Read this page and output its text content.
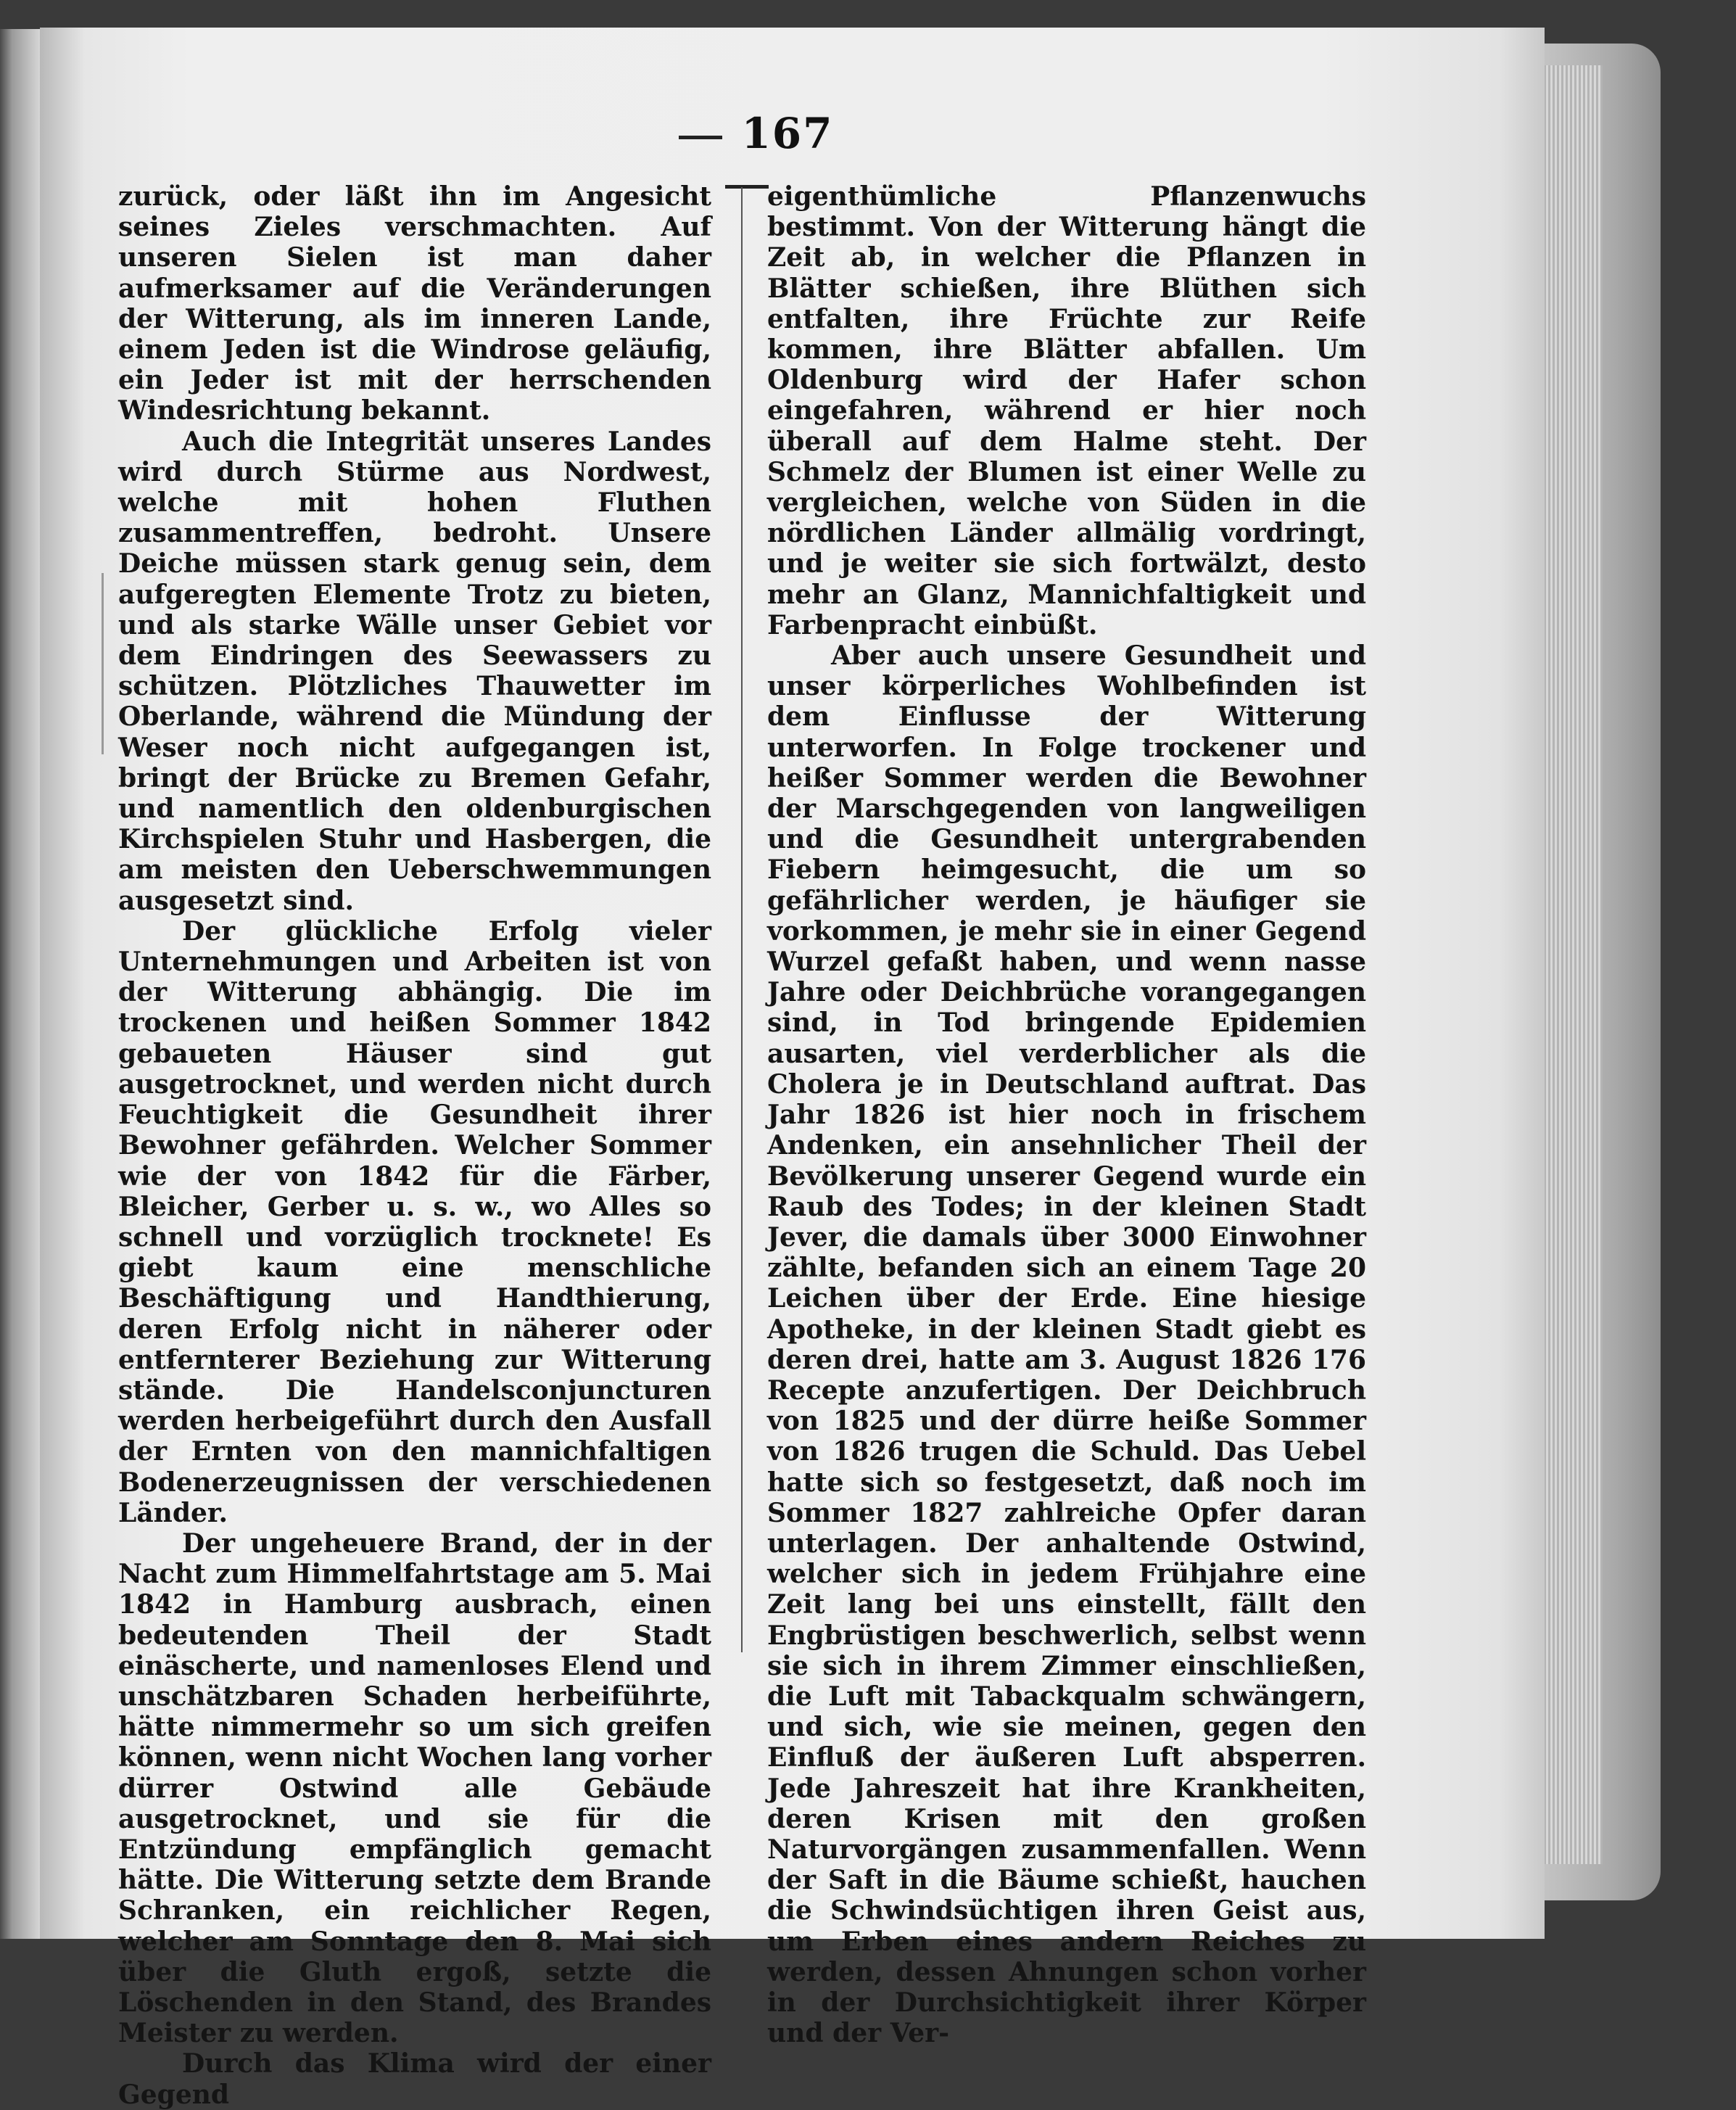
167

zurück, oder läßt ihn im Angesicht seines Zieles verschmachten. Auf unseren Sielen ist man daher aufmerksamer auf die Veränderungen der Witterung, als im inneren Lande, einem Jeden ist die Windrose geläufig, ein Jeder ist mit der herrschenden Windesrichtung bekannt.

Auch die Integrität unseres Landes wird durch Stürme aus Nordwest, welche mit hohen Fluthen zusammentreffen, bedroht. Unsere Deiche müssen stark genug sein, dem aufgeregten Elemente Trotz zu bieten, und als starke Wälle unser Gebiet vor dem Eindringen des Seewassers zu schützen. Plötzliches Thauwetter im Oberlande, während die Mündung der Weser noch nicht aufgegangen ist, bringt der Brücke zu Bremen Gefahr, und namentlich den oldenburgischen Kirchspielen Stuhr und Hasbergen, die am meisten den Ueberschwemmungen ausgesetzt sind.

Der glückliche Erfolg vieler Unternehmungen und Arbeiten ist von der Witterung abhängig. Die im trockenen und heißen Sommer 1842 gebaueten Häuser sind gut ausgetrocknet, und werden nicht durch Feuchtigkeit die Gesundheit ihrer Bewohner gefährden. Welcher Sommer wie der von 1842 für die Färber, Bleicher, Gerber u. s. w., wo Alles so schnell und vorzüglich trocknete! Es giebt kaum eine menschliche Beschäftigung und Handthierung, deren Erfolg nicht in näherer oder entfernterer Beziehung zur Witterung stände. Die Handelsconjuncturen werden herbeigeführt durch den Ausfall der Ernten von den mannichfaltigen Bodenerzeugnissen der verschiedenen Länder.

Der ungeheuere Brand, der in der Nacht zum Himmelfahrtstage am 5. Mai 1842 in Hamburg ausbrach, einen bedeutenden Theil der Stadt einäscherte, und namenloses Elend und unschätzbaren Schaden herbeiführte, hätte nimmermehr so um sich greifen können, wenn nicht Wochen lang vorher dürrer Ostwind alle Gebäude ausgetrocknet, und sie für die Entzündung empfänglich gemacht hätte. Die Witterung setzte dem Brande Schranken, ein reichlicher Regen, welcher am Sonntage den 8. Mai sich über die Gluth ergoß, setzte die Löschenden in den Stand, des Brandes Meister zu werden.

Durch das Klima wird der einer Gegend

eigenthümliche Pflanzenwuchs bestimmt. Von der Witterung hängt die Zeit ab, in welcher die Pflanzen in Blätter schießen, ihre Blüthen sich entfalten, ihre Früchte zur Reife kommen, ihre Blätter abfallen. Um Oldenburg wird der Hafer schon eingefahren, während er hier noch überall auf dem Halme steht. Der Schmelz der Blumen ist einer Welle zu vergleichen, welche von Süden in die nördlichen Länder allmälig vordringt, und je weiter sie sich fortwälzt, desto mehr an Glanz, Mannichfaltigkeit und Farbenpracht einbüßt.

Aber auch unsere Gesundheit und unser körperliches Wohlbefinden ist dem Einflusse der Witterung unterworfen. In Folge trockener und heißer Sommer werden die Bewohner der Marschgegenden von langweiligen und die Gesundheit untergrabenden Fiebern heimgesucht, die um so gefährlicher werden, je häufiger sie vorkommen, je mehr sie in einer Gegend Wurzel gefaßt haben, und wenn nasse Jahre oder Deichbrüche vorangegangen sind, in Tod bringende Epidemien ausarten, viel verderblicher als die Cholera je in Deutschland auftrat. Das Jahr 1826 ist hier noch in frischem Andenken, ein ansehnlicher Theil der Bevölkerung unserer Gegend wurde ein Raub des Todes; in der kleinen Stadt Jever, die damals über 3000 Einwohner zählte, befanden sich an einem Tage 20 Leichen über der Erde. Eine hiesige Apotheke, in der kleinen Stadt giebt es deren drei, hatte am 3. August 1826 176 Recepte anzufertigen. Der Deichbruch von 1825 und der dürre heiße Sommer von 1826 trugen die Schuld. Das Uebel hatte sich so festgesetzt, daß noch im Sommer 1827 zahlreiche Opfer daran unterlagen. Der anhaltende Ostwind, welcher sich in jedem Frühjahre eine Zeit lang bei uns einstellt, fällt den Engbrüstigen beschwerlich, selbst wenn sie sich in ihrem Zimmer einschließen, die Luft mit Tabackqualm schwängern, und sich, wie sie meinen, gegen den Einfluß der äußeren Luft absperren. Jede Jahreszeit hat ihre Krankheiten, deren Krisen mit den großen Naturvorgängen zusammenfallen. Wenn der Saft in die Bäume schießt, hauchen die Schwindsüchtigen ihren Geist aus, um Erben eines andern Reiches zu werden, dessen Ahnungen schon vorher in der Durchsichtigkeit ihrer Körper und der Ver-
